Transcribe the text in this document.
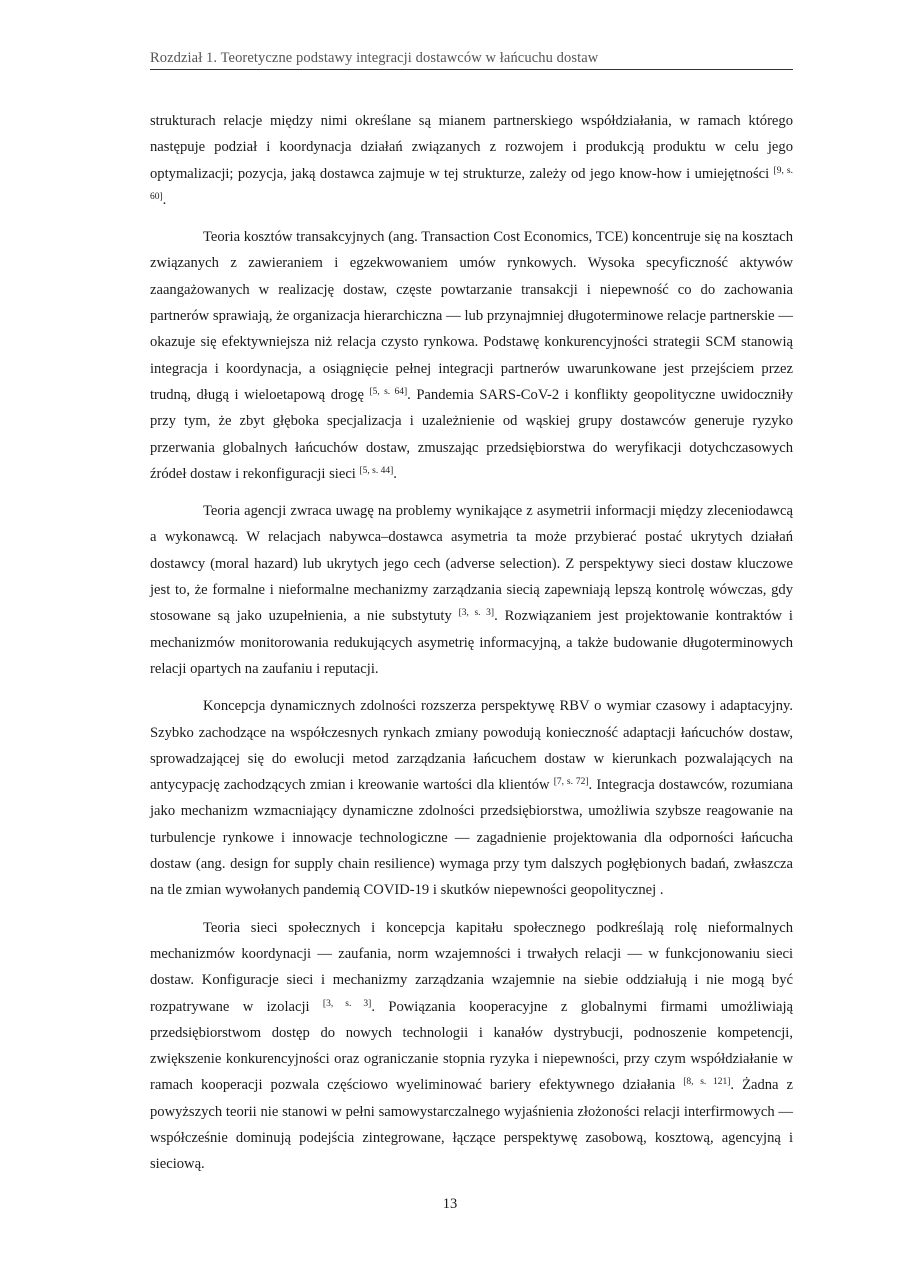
Rozdział 1. Teoretyczne podstawy integracji dostawców w łańcuchu dostaw

strukturach relacje między nimi określane są mianem partnerskiego współdziałania, w ramach którego następuje podział i koordynacja działań związanych z rozwojem i produkcją produktu w celu jego optymalizacji; pozycja, jaką dostawca zajmuje w tej strukturze, zależy od jego know-how i umiejętności [9, s. 60].

Teoria kosztów transakcyjnych (ang. Transaction Cost Economics, TCE) koncentruje się na kosztach związanych z zawieraniem i egzekwowaniem umów rynkowych. Wysoka specyficzność aktywów zaangażowanych w realizację dostaw, częste powtarzanie transakcji i niepewność co do zachowania partnerów sprawiają, że organizacja hierarchiczna — lub przynajmniej długoterminowe relacje partnerskie — okazuje się efektywniejsza niż relacja czysto rynkowa. Podstawę konkurencyjności strategii SCM stanowią integracja i koordynacja, a osiągnięcie pełnej integracji partnerów uwarunkowane jest przejściem przez trudną, długą i wieloetapową drogę [5, s. 64]. Pandemia SARS-CoV-2 i konflikty geopolityczne uwidoczniły przy tym, że zbyt głęboka specjalizacja i uzależnienie od wąskiej grupy dostawców generuje ryzyko przerwania globalnych łańcuchów dostaw, zmuszając przedsiębiorstwa do weryfikacji dotychczasowych źródeł dostaw i rekonfiguracji sieci [5, s. 44].

Teoria agencji zwraca uwagę na problemy wynikające z asymetrii informacji między zleceniodawcą a wykonawcą. W relacjach nabywca–dostawca asymetria ta może przybierać postać ukrytych działań dostawcy (moral hazard) lub ukrytych jego cech (adverse selection). Z perspektywy sieci dostaw kluczowe jest to, że formalne i nieformalne mechanizmy zarządzania siecią zapewniają lepszą kontrolę wówczas, gdy stosowane są jako uzupełnienia, a nie substytuty [3, s. 3]. Rozwiązaniem jest projektowanie kontraktów i mechanizmów monitorowania redukujących asymetrię informacyjną, a także budowanie długoterminowych relacji opartych na zaufaniu i reputacji.

Koncepcja dynamicznych zdolności rozszerza perspektywę RBV o wymiar czasowy i adaptacyjny. Szybko zachodzące na współczesnych rynkach zmiany powodują konieczność adaptacji łańcuchów dostaw, sprowadzającej się do ewolucji metod zarządzania łańcuchem dostaw w kierunkach pozwalających na antycypację zachodzących zmian i kreowanie wartości dla klientów [7, s. 72]. Integracja dostawców, rozumiana jako mechanizm wzmacniający dynamiczne zdolności przedsiębiorstwa, umożliwia szybsze reagowanie na turbulencje rynkowe i innowacje technologiczne — zagadnienie projektowania dla odporności łańcucha dostaw (ang. design for supply chain resilience) wymaga przy tym dalszych pogłębionych badań, zwłaszcza na tle zmian wywołanych pandemią COVID-19 i skutków niepewności geopolitycznej .

Teoria sieci społecznych i koncepcja kapitału społecznego podkreślają rolę nieformalnych mechanizmów koordynacji — zaufania, norm wzajemności i trwałych relacji — w funkcjonowaniu sieci dostaw. Konfiguracje sieci i mechanizmy zarządzania wzajemnie na siebie oddziałują i nie mogą być rozpatrywane w izolacji [3, s. 3]. Powiązania kooperacyjne z globalnymi firmami umożliwiają przedsiębiorstwom dostęp do nowych technologii i kanałów dystrybucji, podnoszenie kompetencji, zwiększenie konkurencyjności oraz ograniczanie stopnia ryzyka i niepewności, przy czym współdziałanie w ramach kooperacji pozwala częściowo wyeliminować bariery efektywnego działania [8, s. 121]. Żadna z powyższych teorii nie stanowi w pełni samowystarczalnego wyjaśnienia złożoności relacji interfirmowych — współcześnie dominują podejścia zintegrowane, łączące perspektywę zasobową, kosztową, agencyjną i sieciową.

13
